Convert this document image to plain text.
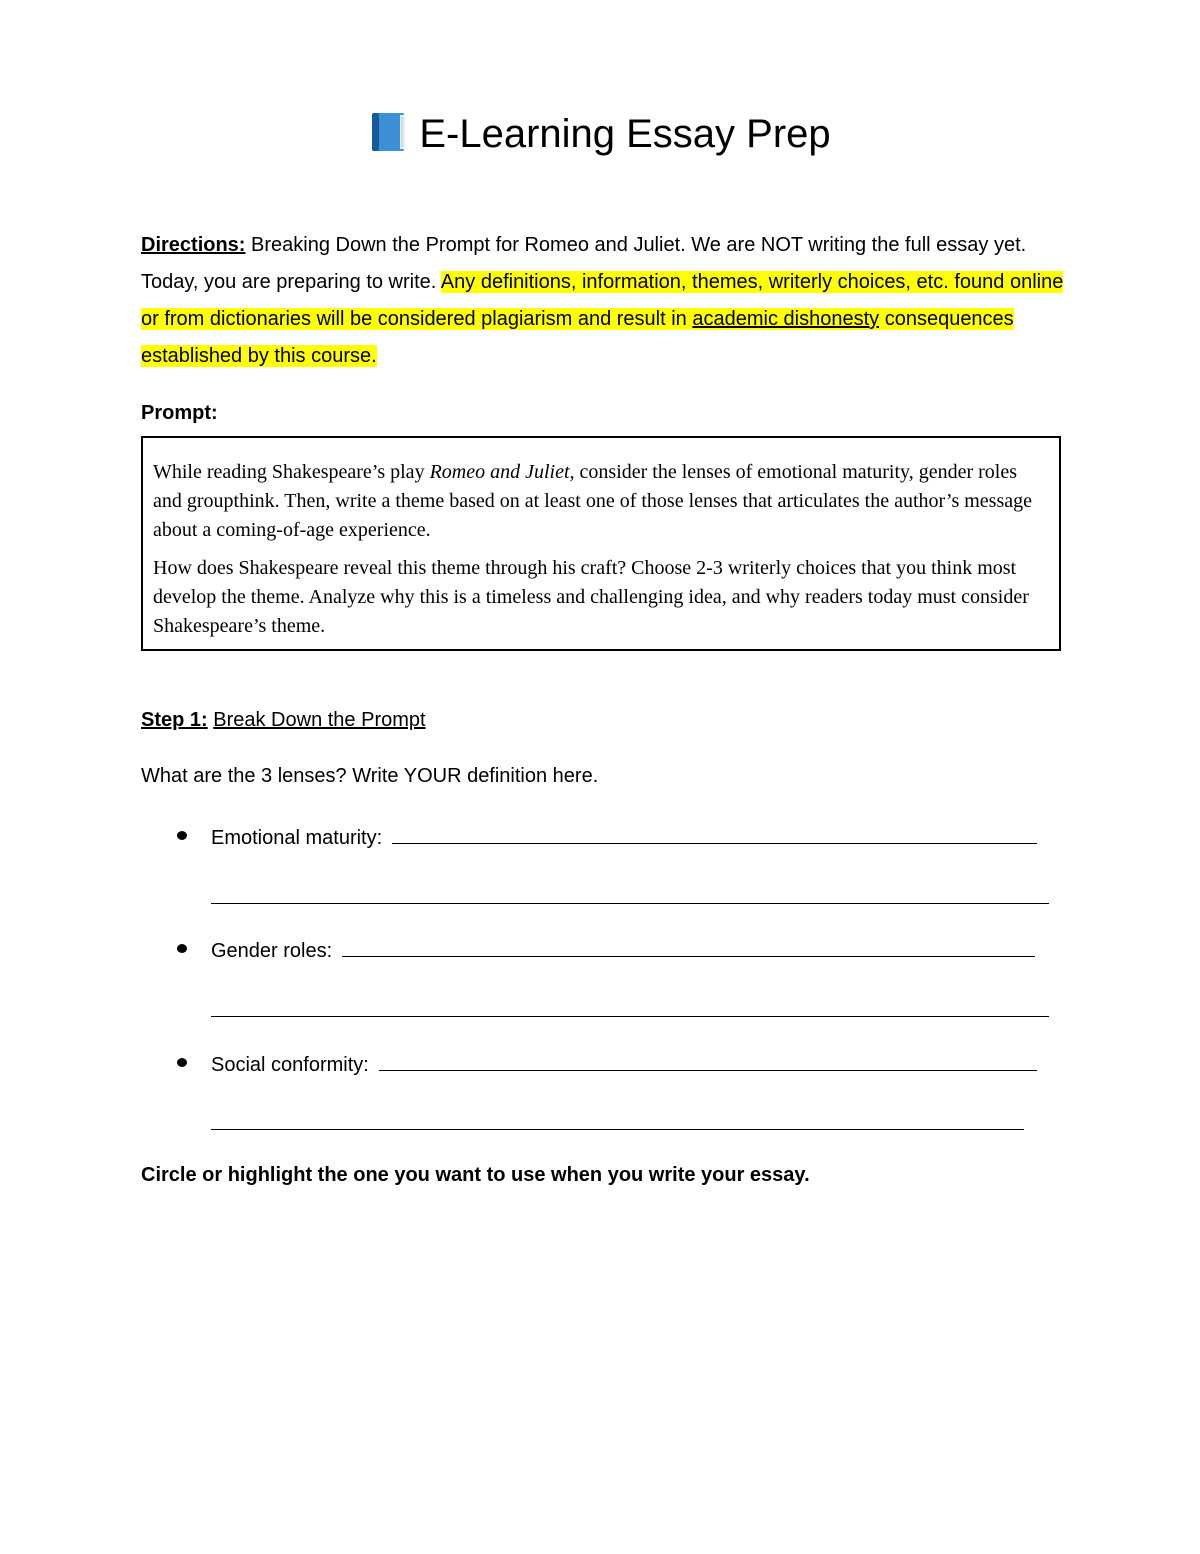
E-Learning Essay Prep

Directions: Breaking Down the Prompt for Romeo and Juliet. We are NOT writing the full essay yet. Today, you are preparing to write. Any definitions, information, themes, writerly choices, etc. found online or from dictionaries will be considered plagiarism and result in academic dishonesty consequences established by this course.

Prompt:

While reading Shakespeare’s play Romeo and Juliet, consider the lenses of emotional maturity, gender roles and groupthink. Then, write a theme based on at least one of those lenses that articulates the author’s message about a coming-of-age experience.

How does Shakespeare reveal this theme through his craft? Choose 2-3 writerly choices that you think most develop the theme. Analyze why this is a timeless and challenging idea, and why readers today must consider Shakespeare’s theme.

Step 1: Break Down the Prompt

What are the 3 lenses? Write YOUR definition here.

Emotional maturity:
Gender roles:
Social conformity:

Circle or highlight the one you want to use when you write your essay.
